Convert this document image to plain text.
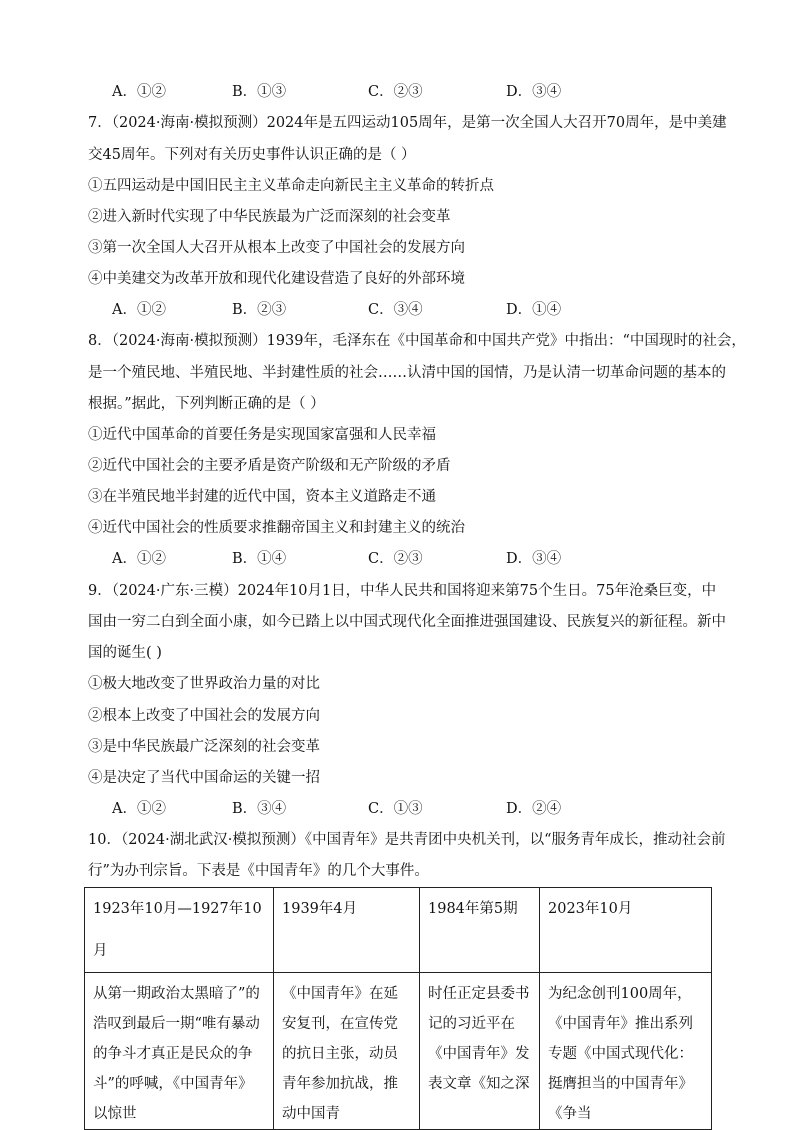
A．①②	B．①③	C．②③	D．③④
7．（2024·海南·模拟预测）2024年是五四运动105周年，是第一次全国人大召开70周年，是中美建
交45周年。下列对有关历史事件认识正确的是（ ）
①五四运动是中国旧民主主义革命走向新民主主义革命的转折点
②进入新时代实现了中华民族最为广泛而深刻的社会变革
③第一次全国人大召开从根本上改变了中国社会的发展方向
④中美建交为改革开放和现代化建设营造了良好的外部环境
A．①②	B．②③	C．③④	D．①④
8．（2024·海南·模拟预测）1939年，毛泽东在《中国革命和中国共产党》中指出：“中国现时的社会，
是一个殖民地、半殖民地、半封建性质的社会……认清中国的国情，乃是认清一切革命问题的基本的
根据。”据此，下列判断正确的是（ ）
①近代中国革命的首要任务是实现国家富强和人民幸福
②近代中国社会的主要矛盾是资产阶级和无产阶级的矛盾
③在半殖民地半封建的近代中国，资本主义道路走不通
④近代中国社会的性质要求推翻帝国主义和封建主义的统治
A．①②	B．①④	C．②③	D．③④
9．（2024·广东·三模）2024年10月1日，中华人民共和国将迎来第75个生日。75年沧桑巨变，中
国由一穷二白到全面小康，如今已踏上以中国式现代化全面推进强国建设、民族复兴的新征程。新中
国的诞生( )
①极大地改变了世界政治力量的对比
②根本上改变了中国社会的发展方向
③是中华民族最广泛深刻的社会变革
④是决定了当代中国命运的关键一招
A．①②	B．③④	C．①③	D．②④
10．（2024·湖北武汉·模拟预测）《中国青年》是共青团中央机关刊，以“服务青年成长，推动社会前
行”为办刊宗旨。下表是《中国青年》的几个大事件。
1923年10月—1927年10月	1939年4月	1984年第5期	2023年10月
从第一期政治太黑暗了”的浩叹到最后一期“唯有暴动的争斗才真正是民众的争斗”的呼喊，《中国青年》以惊世	《中国青年》在延安复刊，在宣传党的抗日主张，动员青年参加抗战，推动中国青	时任正定县委书记的习近平在《中国青年》发表文章《知之深	为纪念创刊100周年，《中国青年》推出系列专题《中国式现代化：挺膺担当的中国青年》《争当
